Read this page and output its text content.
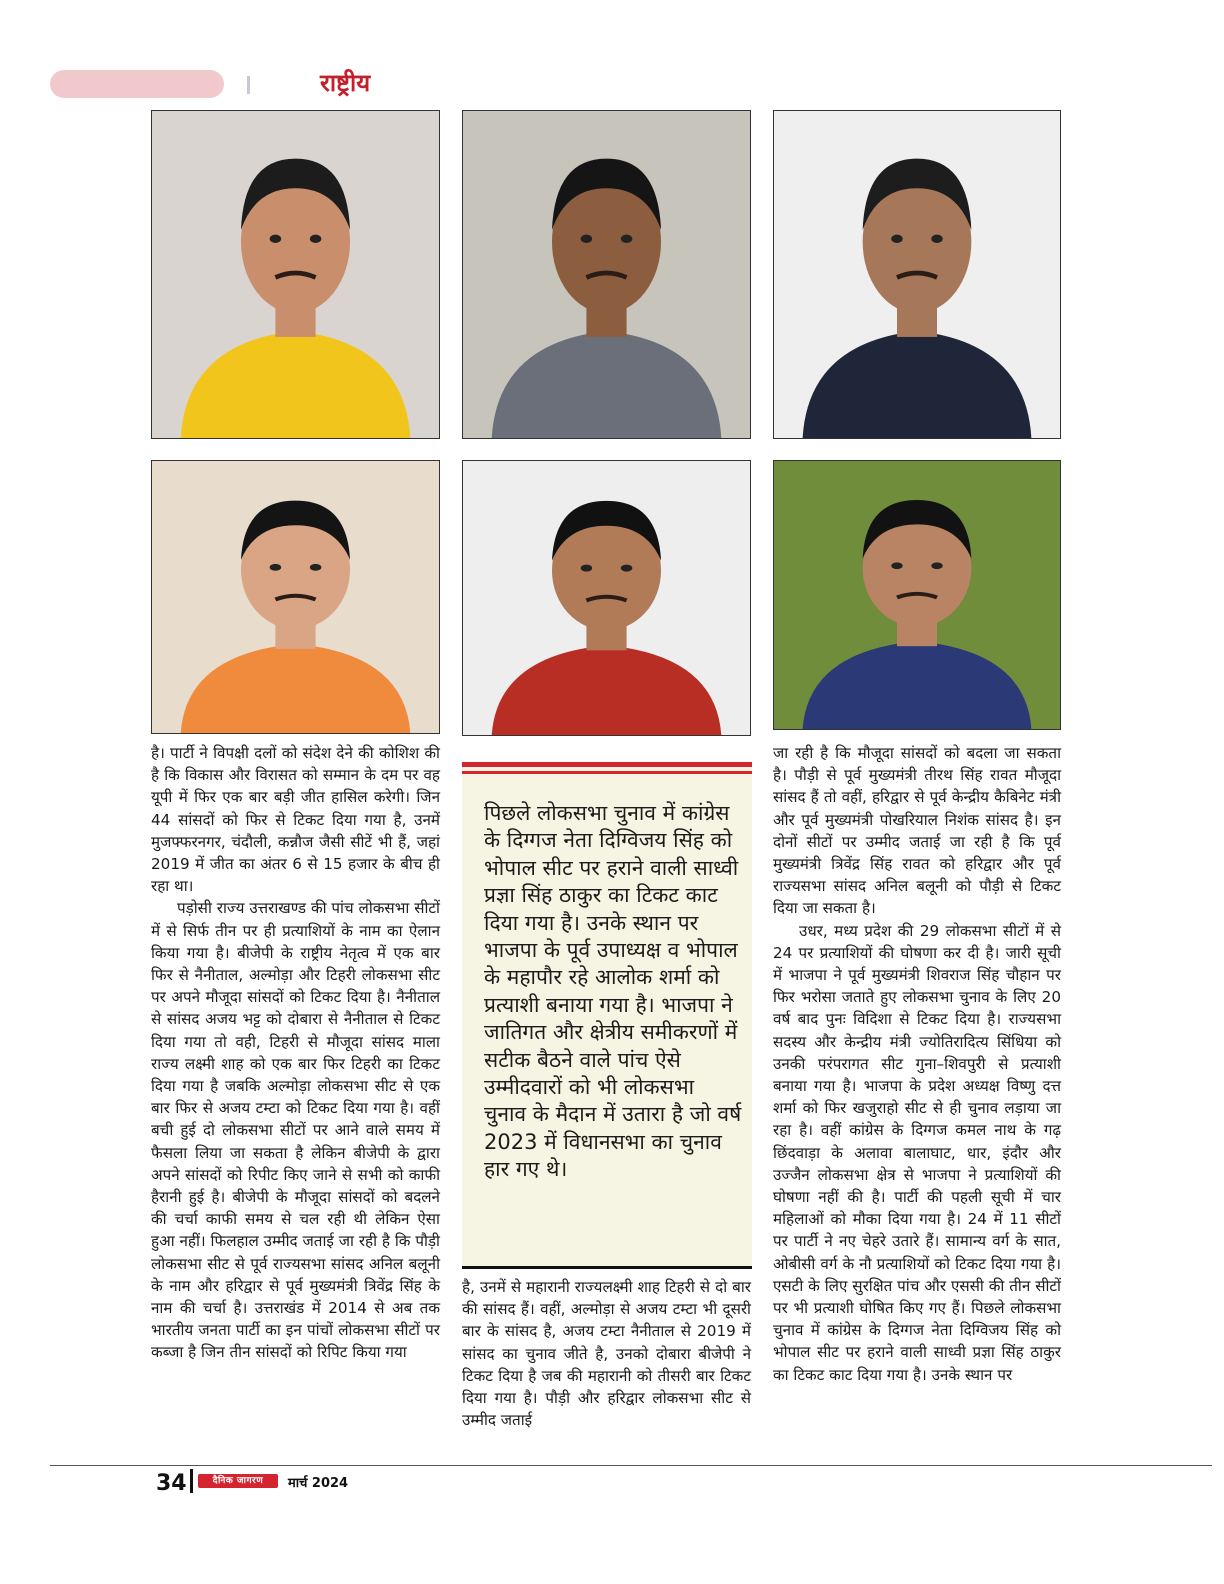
राष्ट्रीय

है। पार्टी ने विपक्षी दलों को संदेश देने की कोशिश की है कि विकास और विरासत को सम्मान के दम पर वह यूपी में फिर एक बार बड़ी जीत हासिल करेगी। जिन 44 सांसदों को फिर से टिकट दिया गया है, उनमें मुजफ्फरनगर, चंदौली, कन्नौज जैसी सीटें भी हैं, जहां 2019 में जीत का अंतर 6 से 15 हजार के बीच ही रहा था।

पड़ोसी राज्य उत्तराखण्ड की पांच लोकसभा सीटों में से सिर्फ तीन पर ही प्रत्याशियों के नाम का ऐलान किया गया है। बीजेपी के राष्ट्रीय नेतृत्व में एक बार फिर से नैनीताल, अल्मोड़ा और टिहरी लोकसभा सीट पर अपने मौजूदा सांसदों को टिकट दिया है। नैनीताल से सांसद अजय भट्ट को दोबारा से नैनीताल से टिकट दिया गया तो वही, टिहरी से मौजूदा सांसद माला राज्य लक्ष्मी शाह को एक बार फिर टिहरी का टिकट दिया गया है जबकि अल्मोड़ा लोकसभा सीट से एक बार फिर से अजय टम्टा को टिकट दिया गया है। वहीं बची हुई दो लोकसभा सीटों पर आने वाले समय में फैसला लिया जा सकता है लेकिन बीजेपी के द्वारा अपने सांसदों को रिपीट किए जाने से सभी को काफी हैरानी हुई है। बीजेपी के मौजूदा सांसदों को बदलने की चर्चा काफी समय से चल रही थी लेकिन ऐसा हुआ नहीं। फिलहाल उम्मीद जताई जा रही है कि पौड़ी लोकसभा सीट से पूर्व राज्यसभा सांसद अनिल बलूनी के नाम और हरिद्वार से पूर्व मुख्यमंत्री त्रिवेंद्र सिंह के नाम की चर्चा है। उत्तराखंड में 2014 से अब तक भारतीय जनता पार्टी का इन पांचों लोकसभा सीटों पर कब्जा है जिन तीन सांसदों को रिपिट किया गया

पिछले लोकसभा चुनाव में कांग्रेस के दिग्गज नेता दिग्विजय सिंह को भोपाल सीट पर हराने वाली साध्वी प्रज्ञा सिंह ठाकुर का टिकट काट दिया गया है। उनके स्थान पर भाजपा के पूर्व उपाध्यक्ष व भोपाल के महापौर रहे आलोक शर्मा को प्रत्याशी बनाया गया है। भाजपा ने जातिगत और क्षेत्रीय समीकरणों में सटीक बैठने वाले पांच ऐसे उम्मीदवारों को भी लोकसभा चुनाव के मैदान में उतारा है जो वर्ष 2023 में विधानसभा का चुनाव हार गए थे।

है, उनमें से महारानी राज्यलक्ष्मी शाह टिहरी से दो बार की सांसद हैं। वहीं, अल्मोड़ा से अजय टम्टा भी दूसरी बार के सांसद है, अजय टम्टा नैनीताल से 2019 में सांसद का चुनाव जीते है, उनको दोबारा बीजेपी ने टिकट दिया है जब की महारानी को तीसरी बार टिकट दिया गया है। पौड़ी और हरिद्वार लोकसभा सीट से उम्मीद जताई

जा रही है कि मौजूदा सांसदों को बदला जा सकता है। पौड़ी से पूर्व मुख्यमंत्री तीरथ सिंह रावत मौजूदा सांसद हैं तो वहीं, हरिद्वार से पूर्व केन्द्रीय कैबिनेट मंत्री और पूर्व मुख्यमंत्री पोखरियाल निशंक सांसद है। इन दोनों सीटों पर उम्मीद जताई जा रही है कि पूर्व मुख्यमंत्री त्रिवेंद्र सिंह रावत को हरिद्वार और पूर्व राज्यसभा सांसद अनिल बलूनी को पौड़ी से टिकट दिया जा सकता है।

उधर, मध्य प्रदेश की 29 लोकसभा सीटों में से 24 पर प्रत्याशियों की घोषणा कर दी है। जारी सूची में भाजपा ने पूर्व मुख्यमंत्री शिवराज सिंह चौहान पर फिर भरोसा जताते हुए लोकसभा चुनाव के लिए 20 वर्ष बाद पुनः विदिशा से टिकट दिया है। राज्यसभा सदस्य और केन्द्रीय मंत्री ज्योतिरादित्य सिंधिया को उनकी परंपरागत सीट गुना–शिवपुरी से प्रत्याशी बनाया गया है। भाजपा के प्रदेश अध्यक्ष विष्णु दत्त शर्मा को फिर खजुराहो सीट से ही चुनाव लड़ाया जा रहा है। वहीं कांग्रेस के दिग्गज कमल नाथ के गढ़ छिंदवाड़ा के अलावा बालाघाट, धार, इंदौर और उज्जैन लोकसभा क्षेत्र से भाजपा ने प्रत्याशियों की घोषणा नहीं की है। पार्टी की पहली सूची में चार महिलाओं को मौका दिया गया है। 24 में 11 सीटों पर पार्टी ने नए चेहरे उतारे हैं। सामान्य वर्ग के सात, ओबीसी वर्ग के नौ प्रत्याशियों को टिकट दिया गया है। एसटी के लिए सुरक्षित पांच और एससी की तीन सीटों पर भी प्रत्याशी घोषित किए गए हैं। पिछले लोकसभा चुनाव में कांग्रेस के दिग्गज नेता दिग्विजय सिंह को भोपाल सीट पर हराने वाली साध्वी प्रज्ञा सिंह ठाकुर का टिकट काट दिया गया है। उनके स्थान पर

34	दैनिक जागरण	मार्च 2024
